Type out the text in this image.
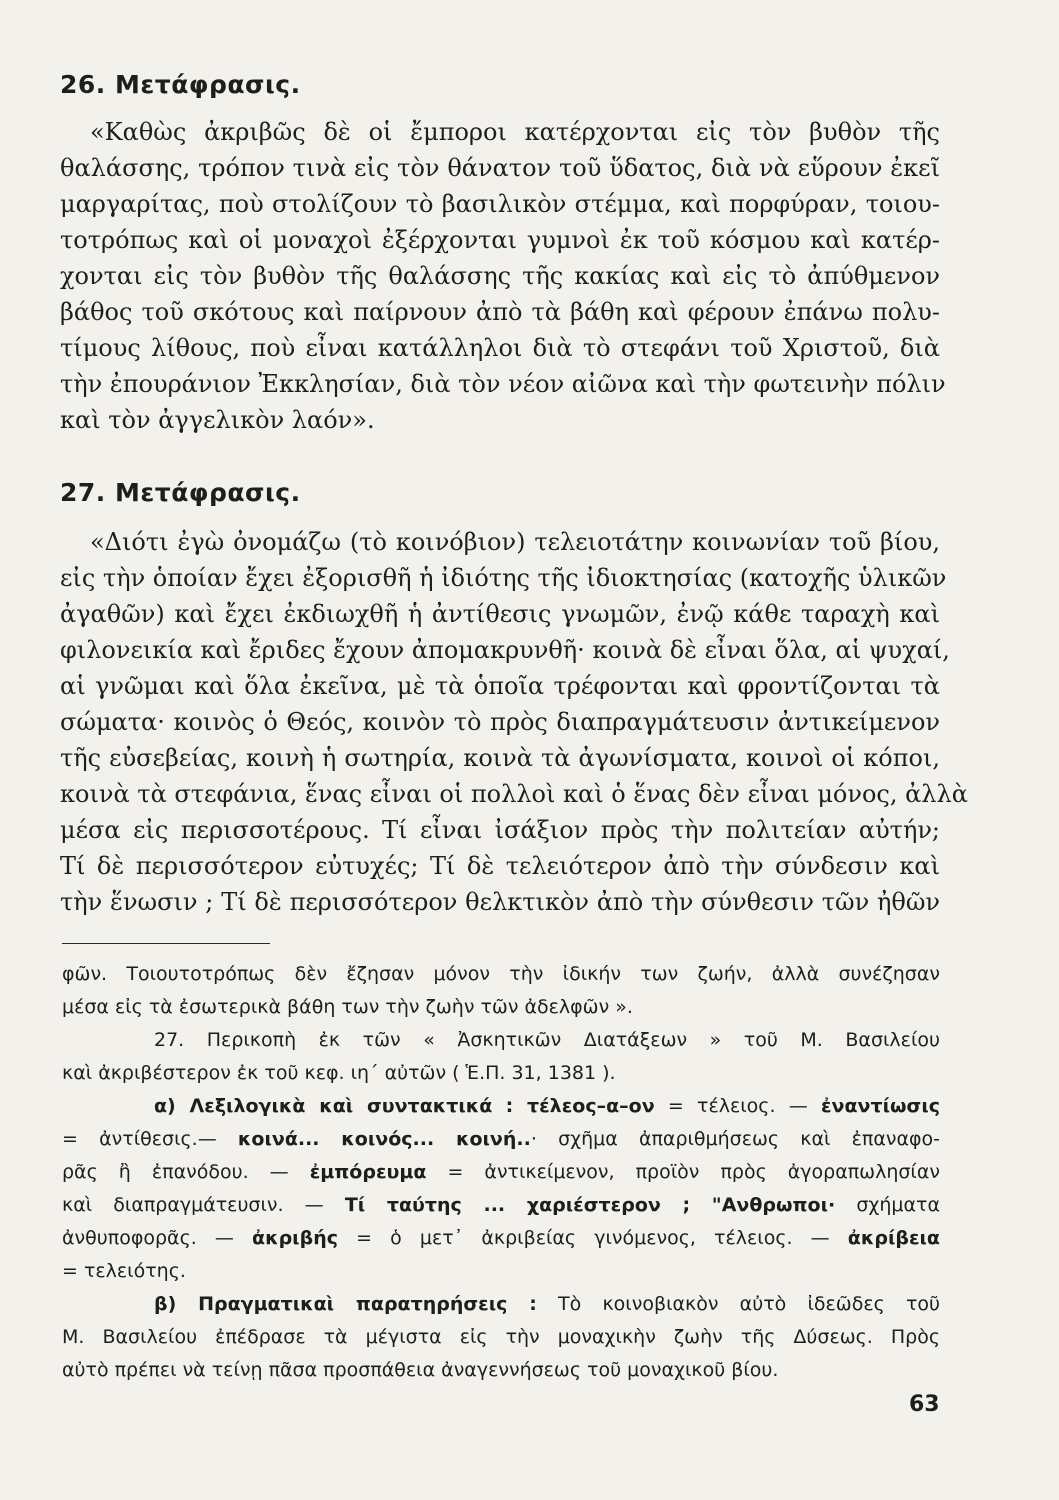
26. Μετάφρασις.
«Καθὼς ἀκριβῶς δὲ οἱ ἔμποροι κατέρχονται εἰς τὸν βυθὸν τῆς
θαλάσσης, τρόπον τινὰ εἰς τὸν θάνατον τοῦ ὕδατος, διὰ νὰ εὕρουν ἐκεῖ
μαργαρίτας, ποὺ στολίζουν τὸ βασιλικὸν στέμμα, καὶ πορφύραν, τοιου-
τοτρόπως καὶ οἱ μοναχοὶ ἐξέρχονται γυμνοὶ ἐκ τοῦ κόσμου καὶ κατέρ-
χονται εἰς τὸν βυθὸν τῆς θαλάσσης τῆς κακίας καὶ εἰς τὸ ἀπύθμενον
βάθος τοῦ σκότους καὶ παίρνουν ἀπὸ τὰ βάθη καὶ φέρουν ἐπάνω πολυ-
τίμους λίθους, ποὺ εἶναι κατάλληλοι διὰ τὸ στεφάνι τοῦ Χριστοῦ, διὰ
τὴν ἐπουράνιον Ἐκκλησίαν, διὰ τὸν νέον αἰῶνα καὶ τὴν φωτεινὴν πόλιν
καὶ τὸν ἀγγελικὸν λαόν».
27. Μετάφρασις.
«Διότι ἐγὼ ὀνομάζω (τὸ κοινόβιον) τελειοτάτην κοινωνίαν τοῦ βίου,
εἰς τὴν ὁποίαν ἔχει ἐξορισθῆ ἡ ἰδιότης τῆς ἰδιοκτησίας (κατοχῆς ὑλικῶν
ἀγαθῶν) καὶ ἔχει ἐκδιωχθῆ ἡ ἀντίθεσις γνωμῶν, ἐνῷ κάθε ταραχὴ καὶ
φιλονεικία καὶ ἔριδες ἔχουν ἀπομακρυνθῆ· κοινὰ δὲ εἶναι ὅλα, αἱ ψυχαί,
αἱ γνῶμαι καὶ ὅλα ἐκεῖνα, μὲ τὰ ὁποῖα τρέφονται καὶ φροντίζονται τὰ
σώματα· κοινὸς ὁ Θεός, κοινὸν τὸ πρὸς διαπραγμάτευσιν ἀντικείμενον
τῆς εὐσεβείας, κοινὴ ἡ σωτηρία, κοινὰ τὰ ἀγωνίσματα, κοινοὶ οἱ κόποι,
κοινὰ τὰ στεφάνια, ἕνας εἶναι οἱ πολλοὶ καὶ ὁ ἕνας δὲν εἶναι μόνος, ἀλλὰ
μέσα εἰς περισσοτέρους. Τί εἶναι ἰσάξιον πρὸς τὴν πολιτείαν αὐτήν;
Τί δὲ περισσότερον εὐτυχές; Τί δὲ τελειότερον ἀπὸ τὴν σύνδεσιν καὶ
τὴν ἕνωσιν ; Τί δὲ περισσότερον θελκτικὸν ἀπὸ τὴν σύνθεσιν τῶν ἠθῶν
φῶν. Τοιουτοτρόπως δὲν ἔζησαν μόνον τὴν ἰδικήν των ζωήν, ἀλλὰ συνέζησαν
μέσα εἰς τὰ ἐσωτερικὰ βάθη των τὴν ζωὴν τῶν ἀδελφῶν ».
27. Περικοπὴ ἐκ τῶν « Ἀσκητικῶν Διατάξεων » τοῦ Μ. Βασιλείου
καὶ ἀκριβέστερον ἐκ τοῦ κεφ. ιη΄ αὐτῶν ( Ἑ.Π. 31, 1381 ).
α) Λεξιλογικὰ καὶ συντακτικά : τέλεος–α–ον = τέλειος. — ἐναντίωσις
= ἀντίθεσις.— κοινά... κοινός... κοινή..· σχῆμα ἀπαριθμήσεως καὶ ἐπαναφο-
ρᾶς ἢ ἐπανόδου. — ἐμπόρευμα = ἀντικείμενον, προϊὸν πρὸς ἀγοραπωλησίαν
καὶ διαπραγμάτευσιν. — Τί ταύτης ... χαριέστερον ; "Ανθρωποι· σχήματα
ἀνθυποφορᾶς. — ἀκριβής = ὁ μετ᾽ ἀκριβείας γινόμενος, τέλειος. — ἀκρίβεια
= τελειότης.
β) Πραγματικαὶ παρατηρήσεις : Τὸ κοινοβιακὸν αὐτὸ ἰδεῶδες τοῦ
Μ. Βασιλείου ἐπέδρασε τὰ μέγιστα εἰς τὴν μοναχικὴν ζωὴν τῆς Δύσεως. Πρὸς
αὐτὸ πρέπει νὰ τείνῃ πᾶσα προσπάθεια ἀναγεννήσεως τοῦ μοναχικοῦ βίου.
63
